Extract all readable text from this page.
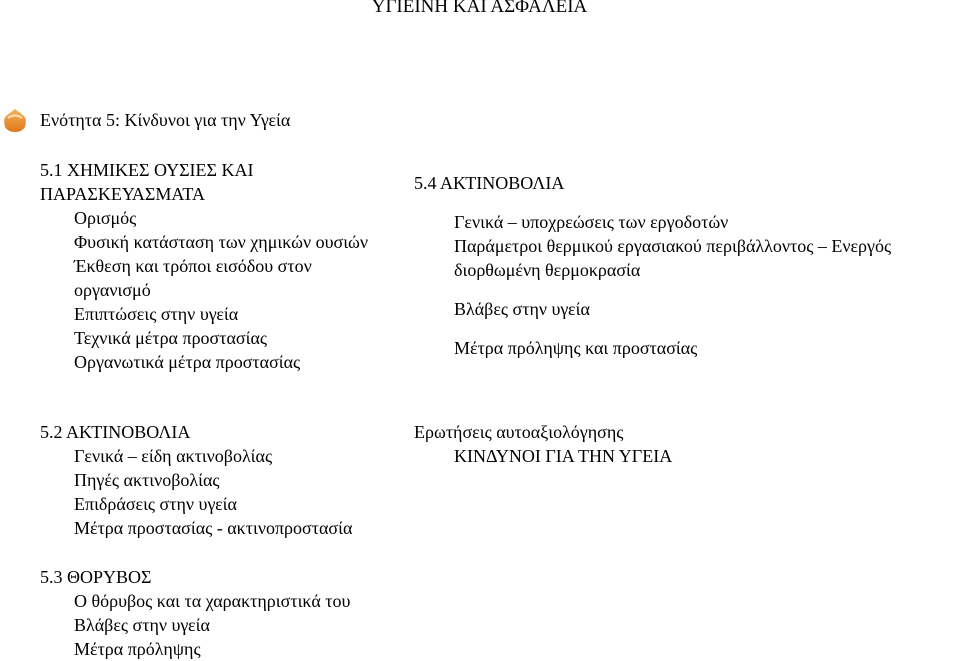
ΥΓΙΕΙΝΗ ΚΑΙ ΑΣΦΑΛΕΙΑ
Ενότητα 5: Κίνδυνοι για την Υγεία
5.1 ΧΗΜΙΚΕΣ ΟΥΣΙΕΣ ΚΑΙ ΠΑΡΑΣΚΕΥΑΣΜΑΤΑ
Ορισμός
Φυσική κατάσταση των χημικών ουσιών
Έκθεση και τρόποι εισόδου στον οργανισμό
Επιπτώσεις στην υγεία
Τεχνικά μέτρα προστασίας
Οργανωτικά μέτρα προστασίας
5.2 ΑΚΤΙΝΟΒΟΛΙΑ
Γενικά – είδη ακτινοβολίας
Πηγές ακτινοβολίας
Επιδράσεις στην υγεία
Μέτρα προστασίας - ακτινοπροστασία
5.3 ΘΟΡΥΒΟΣ
Ο θόρυβος και τα χαρακτηριστικά του
Βλάβες στην υγεία
Μέτρα πρόληψης
5.4 ΑΚΤΙΝΟΒΟΛΙΑ
Γενικά – υποχρεώσεις των εργοδοτών
Παράμετροι θερμικού εργασιακού περιβάλλοντος – Ενεργός
διορθωμένη θερμοκρασία
Βλάβες στην υγεία
Μέτρα πρόληψης και προστασίας
Ερωτήσεις αυτοαξιολόγησης
ΚΙΝΔΥΝΟΙ ΓΙΑ ΤΗΝ ΥΓΕΙΑ
